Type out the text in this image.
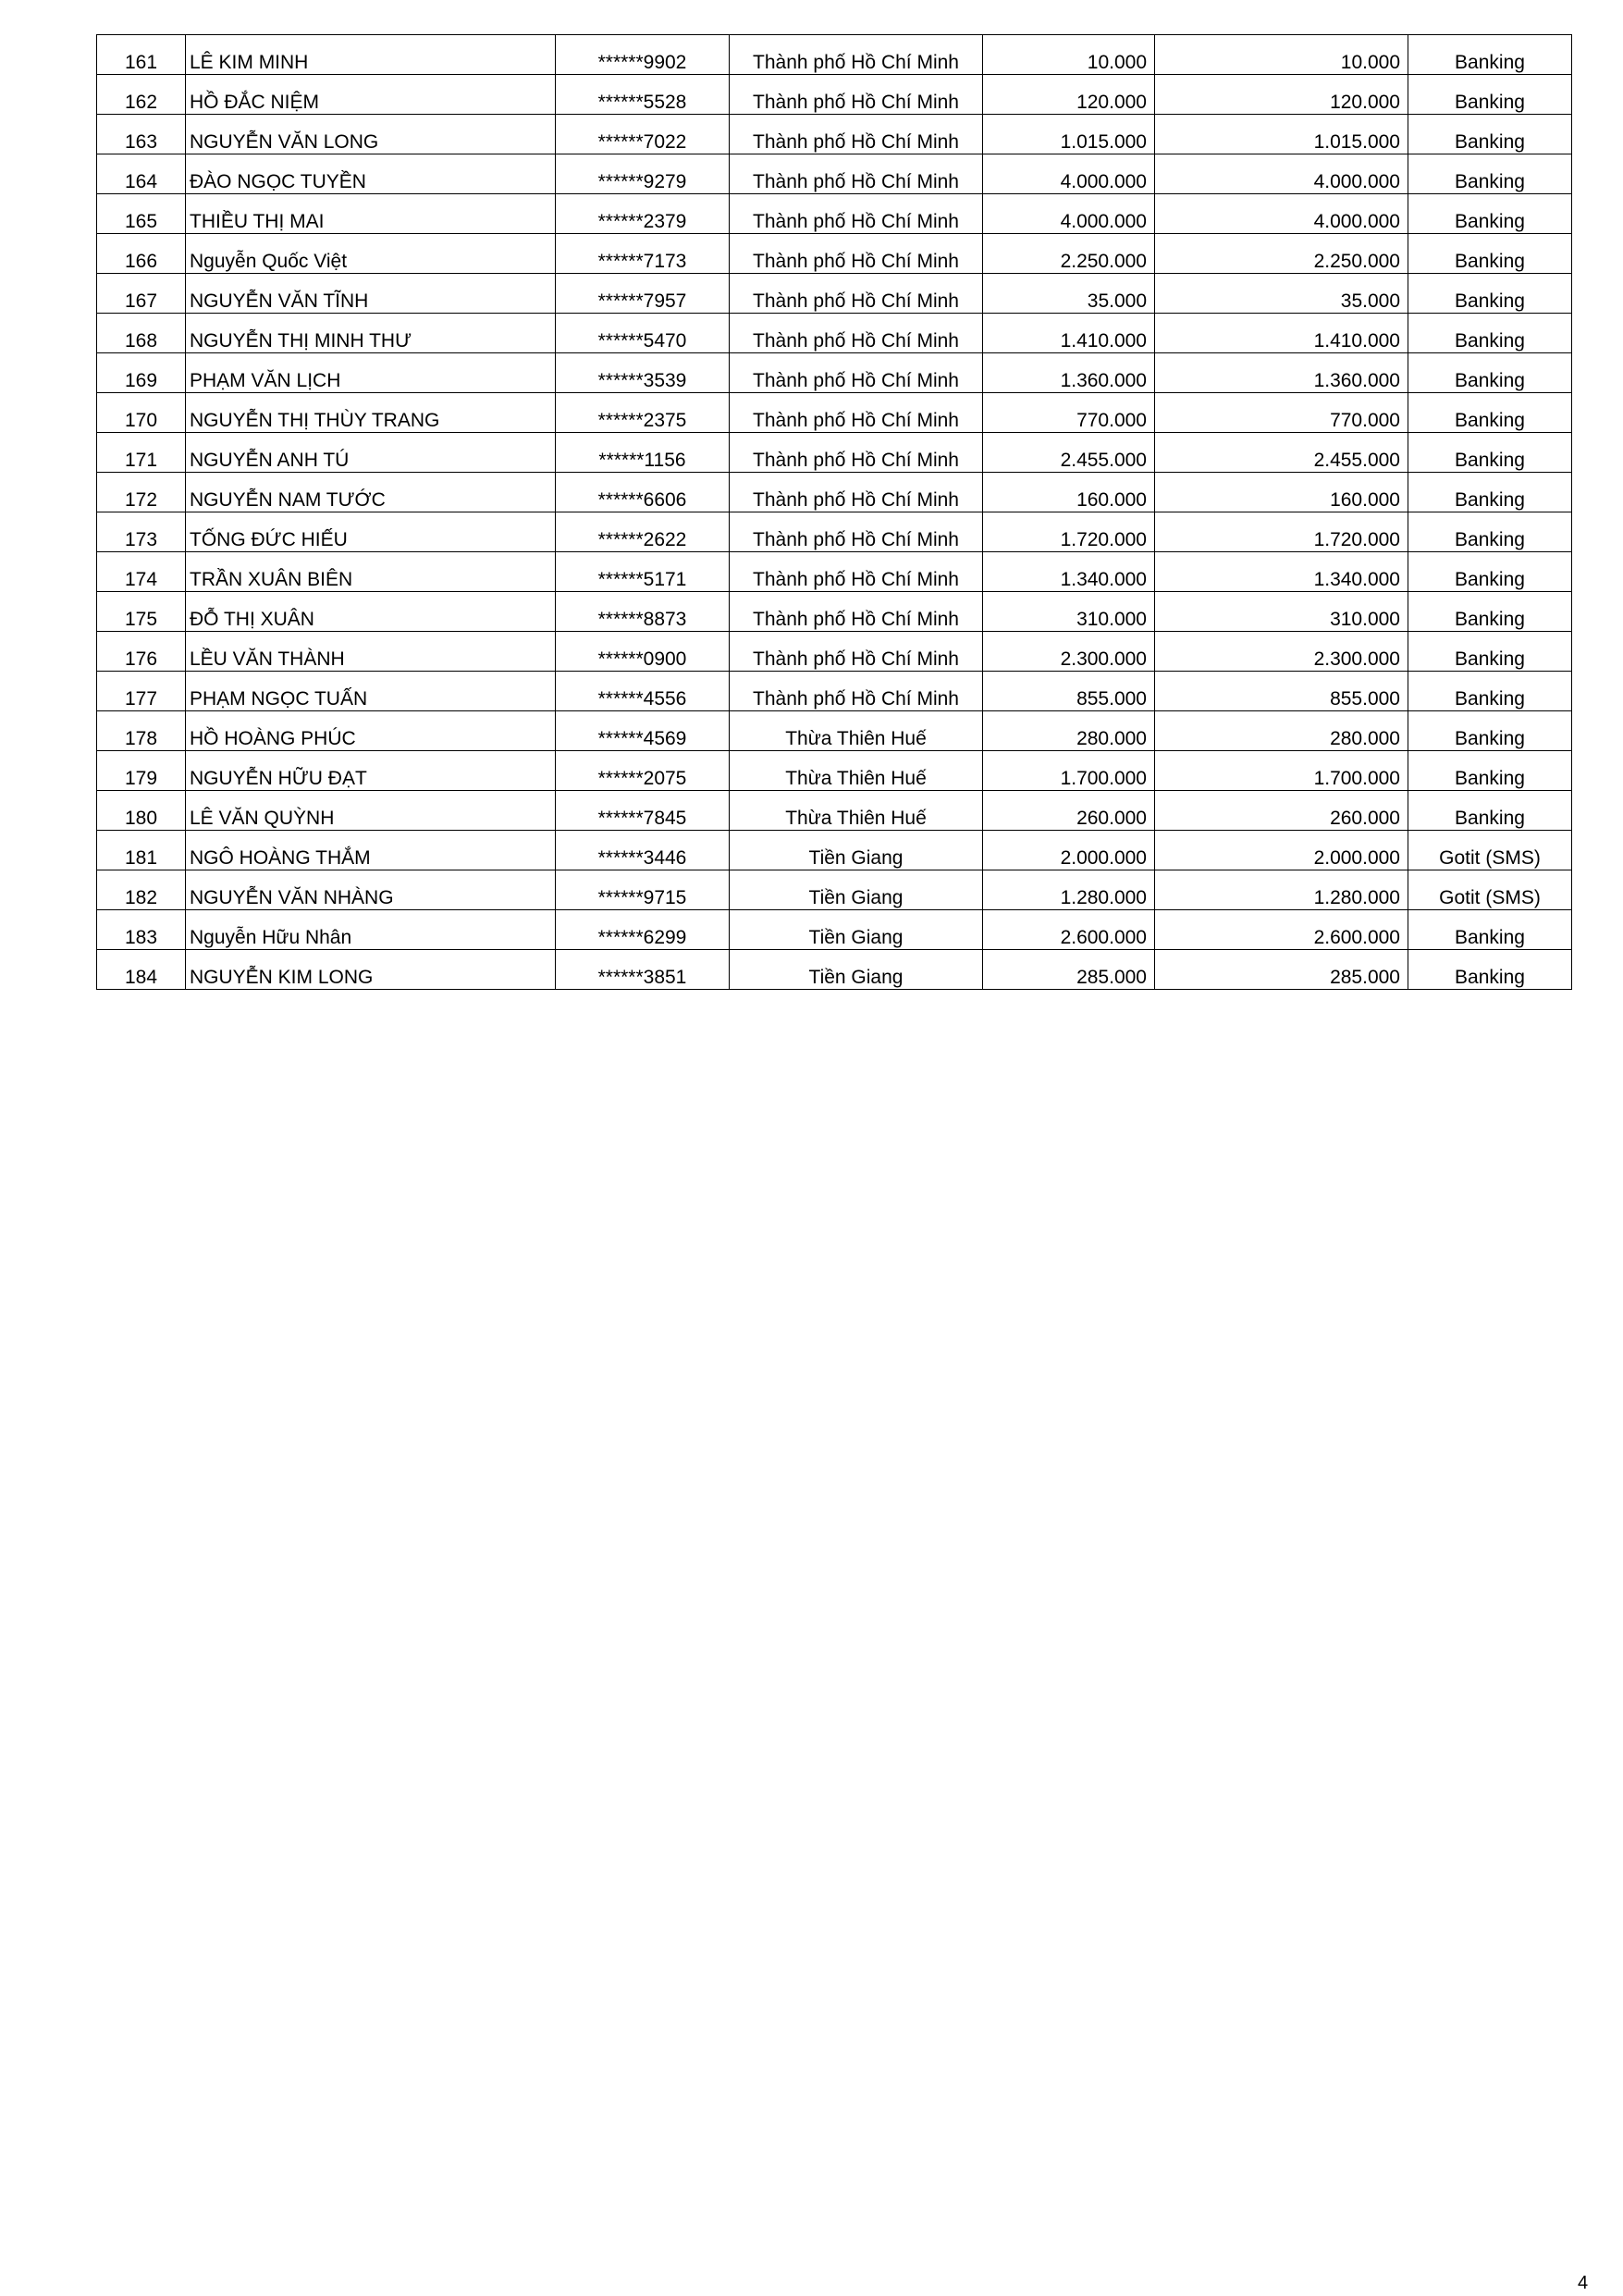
161	LÊ KIM MINH	******9902	Thành phố Hồ Chí Minh	10.000	10.000	Banking
162	HỒ ĐẮC NIỆM	******5528	Thành phố Hồ Chí Minh	120.000	120.000	Banking
163	NGUYỄN VĂN LONG	******7022	Thành phố Hồ Chí Minh	1.015.000	1.015.000	Banking
164	ĐÀO NGỌC TUYỀN	******9279	Thành phố Hồ Chí Minh	4.000.000	4.000.000	Banking
165	THIỀU THỊ MAI	******2379	Thành phố Hồ Chí Minh	4.000.000	4.000.000	Banking
166	Nguyễn Quốc Việt	******7173	Thành phố Hồ Chí Minh	2.250.000	2.250.000	Banking
167	NGUYỄN VĂN TĨNH	******7957	Thành phố Hồ Chí Minh	35.000	35.000	Banking
168	NGUYỄN THỊ MINH THƯ	******5470	Thành phố Hồ Chí Minh	1.410.000	1.410.000	Banking
169	PHẠM VĂN LỊCH	******3539	Thành phố Hồ Chí Minh	1.360.000	1.360.000	Banking
170	NGUYỄN THỊ THÙY TRANG	******2375	Thành phố Hồ Chí Minh	770.000	770.000	Banking
171	NGUYỄN ANH TÚ	******1156	Thành phố Hồ Chí Minh	2.455.000	2.455.000	Banking
172	NGUYỄN NAM TƯỚC	******6606	Thành phố Hồ Chí Minh	160.000	160.000	Banking
173	TỐNG ĐỨC HIẾU	******2622	Thành phố Hồ Chí Minh	1.720.000	1.720.000	Banking
174	TRẦN XUÂN BIÊN	******5171	Thành phố Hồ Chí Minh	1.340.000	1.340.000	Banking
175	ĐỖ THỊ XUÂN	******8873	Thành phố Hồ Chí Minh	310.000	310.000	Banking
176	LỀU VĂN THÀNH	******0900	Thành phố Hồ Chí Minh	2.300.000	2.300.000	Banking
177	PHẠM NGỌC TUẤN	******4556	Thành phố Hồ Chí Minh	855.000	855.000	Banking
178	HỒ HOÀNG PHÚC	******4569	Thừa Thiên Huế	280.000	280.000	Banking
179	NGUYỄN HỮU ĐẠT	******2075	Thừa Thiên Huế	1.700.000	1.700.000	Banking
180	LÊ VĂN QUỲNH	******7845	Thừa Thiên Huế	260.000	260.000	Banking
181	NGÔ HOÀNG THẮM	******3446	Tiền Giang	2.000.000	2.000.000	Gotit (SMS)
182	NGUYỄN VĂN NHÀNG	******9715	Tiền Giang	1.280.000	1.280.000	Gotit (SMS)
183	Nguyễn Hữu Nhân	******6299	Tiền Giang	2.600.000	2.600.000	Banking
184	NGUYỄN KIM LONG	******3851	Tiền Giang	285.000	285.000	Banking
4
